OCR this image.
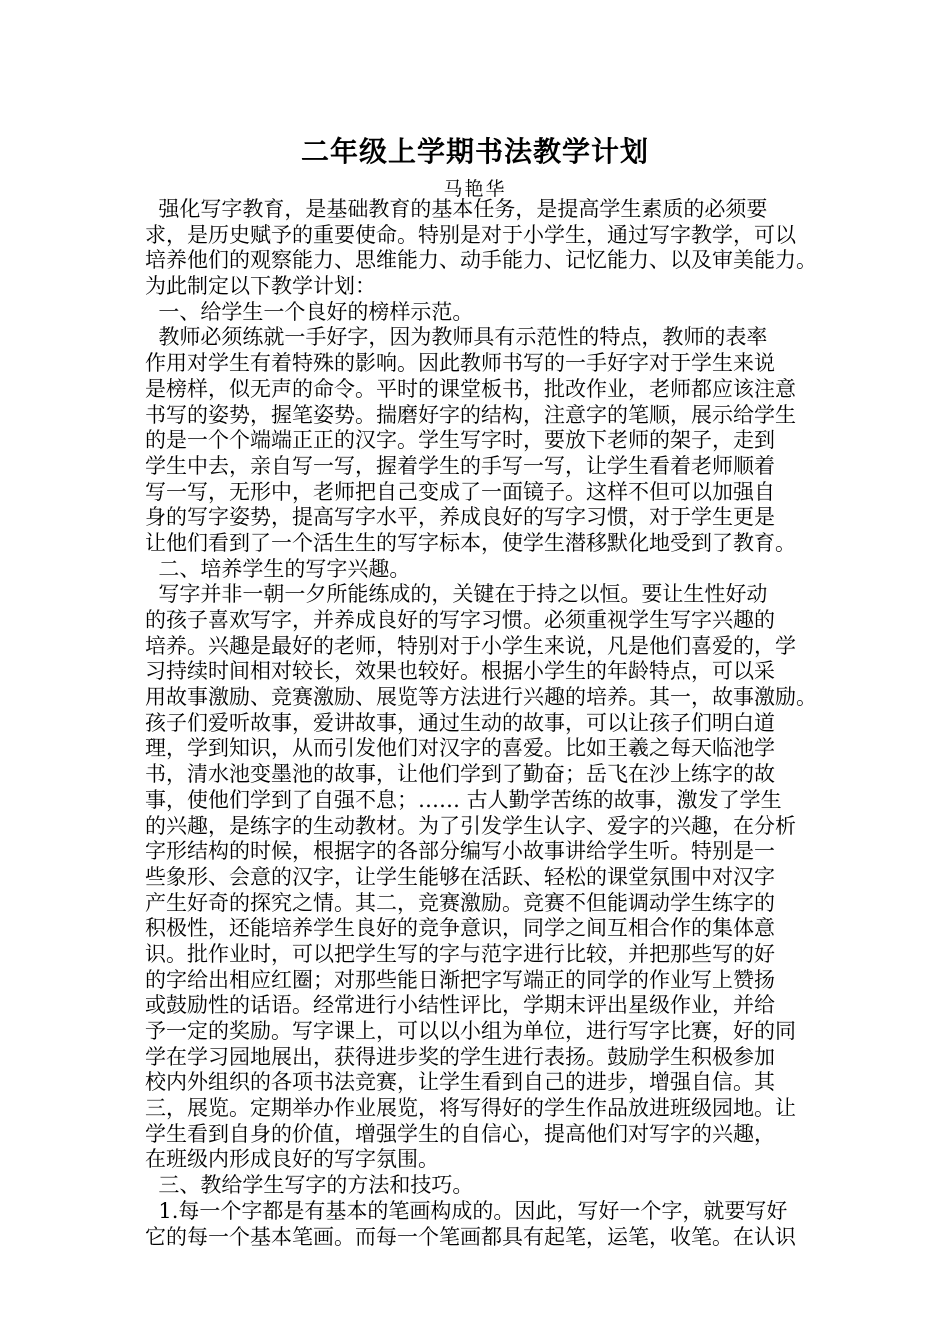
二年级上学期书法教学计划
马艳华
强化写字教育，是基础教育的基本任务，是提高学生素质的必须要
求，是历史赋予的重要使命。特别是对于小学生，通过写字教学，可以
培养他们的观察能力、思维能力、动手能力、记忆能力、以及审美能力。
为此制定以下教学计划：
一、给学生一个良好的榜样示范。
教师必须练就一手好字，因为教师具有示范性的特点，教师的表率
作用对学生有着特殊的影响。因此教师书写的一手好字对于学生来说
是榜样，似无声的命令。平时的课堂板书，批改作业，老师都应该注意
书写的姿势，握笔姿势。揣磨好字的结构，注意字的笔顺，展示给学生
的是一个个端端正正的汉字。学生写字时，要放下老师的架子，走到
学生中去，亲自写一写，握着学生的手写一写，让学生看着老师顺着
写一写，无形中，老师把自己变成了一面镜子。这样不但可以加强自
身的写字姿势，提高写字水平，养成良好的写字习惯，对于学生更是
让他们看到了一个活生生的写字标本，使学生潜移默化地受到了教育。
二、培养学生的写字兴趣。
写字并非一朝一夕所能练成的，关键在于持之以恒。要让生性好动
的孩子喜欢写字，并养成良好的写字习惯。必须重视学生写字兴趣的
培养。兴趣是最好的老师，特别对于小学生来说，凡是他们喜爱的，学
习持续时间相对较长，效果也较好。根据小学生的年龄特点，可以采
用故事激励、竞赛激励、展览等方法进行兴趣的培养。其一，故事激励。
孩子们爱听故事，爱讲故事，通过生动的故事，可以让孩子们明白道
理，学到知识，从而引发他们对汉字的喜爱。比如王羲之每天临池学
书，清水池变墨池的故事，让他们学到了勤奋；岳飞在沙上练字的故
事，使他们学到了自强不息；…… 古人勤学苦练的故事，激发了学生
的兴趣，是练字的生动教材。为了引发学生认字、爱字的兴趣，在分析
字形结构的时候，根据字的各部分编写小故事讲给学生听。特别是一
些象形、会意的汉字，让学生能够在活跃、轻松的课堂氛围中对汉字
产生好奇的探究之情。其二，竞赛激励。竞赛不但能调动学生练字的
积极性，还能培养学生良好的竞争意识，同学之间互相合作的集体意
识。批作业时，可以把学生写的字与范字进行比较，并把那些写的好
的字给出相应红圈；对那些能日渐把字写端正的同学的作业写上赞扬
或鼓励性的话语。经常进行小结性评比，学期末评出星级作业，并给
予一定的奖励。写字课上，可以以小组为单位，进行写字比赛，好的同
学在学习园地展出，获得进步奖的学生进行表扬。鼓励学生积极参加
校内外组织的各项书法竞赛，让学生看到自己的进步，增强自信。其
三，展览。定期举办作业展览，将写得好的学生作品放进班级园地。让
学生看到自身的价值，增强学生的自信心，提高他们对写字的兴趣，
在班级内形成良好的写字氛围。
三、教给学生写字的方法和技巧。
1.每一个字都是有基本的笔画构成的。因此，写好一个字，就要写好
它的每一个基本笔画。而每一个笔画都具有起笔，运笔，收笔。在认识
